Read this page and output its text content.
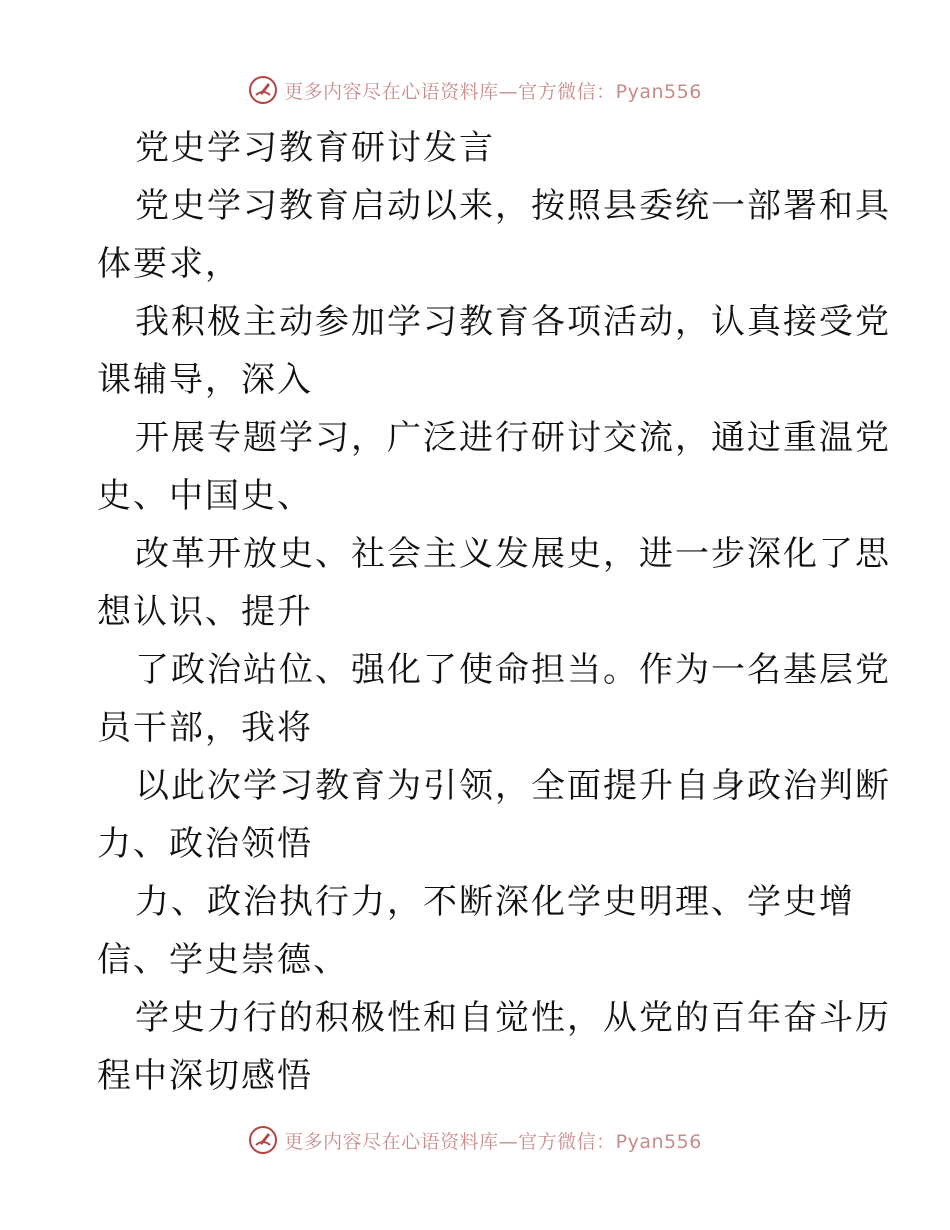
更多内容尽在心语资料库—官方微信：Pyan556
党史学习教育研讨发言
党史学习教育启动以来，按照县委统一部署和具
体要求，
我积极主动参加学习教育各项活动，认真接受党
课辅导，深入
开展专题学习，广泛进行研讨交流，通过重温党
史、中国史、
改革开放史、社会主义发展史，进一步深化了思
想认识、提升
了政治站位、强化了使命担当。作为一名基层党
员干部，我将
以此次学习教育为引领，全面提升自身政治判断
力、政治领悟
力、政治执行力，不断深化学史明理、学史增
信、学史崇德、
学史力行的积极性和自觉性，从党的百年奋斗历
程中深切感悟
更多内容尽在心语资料库—官方微信：Pyan556
